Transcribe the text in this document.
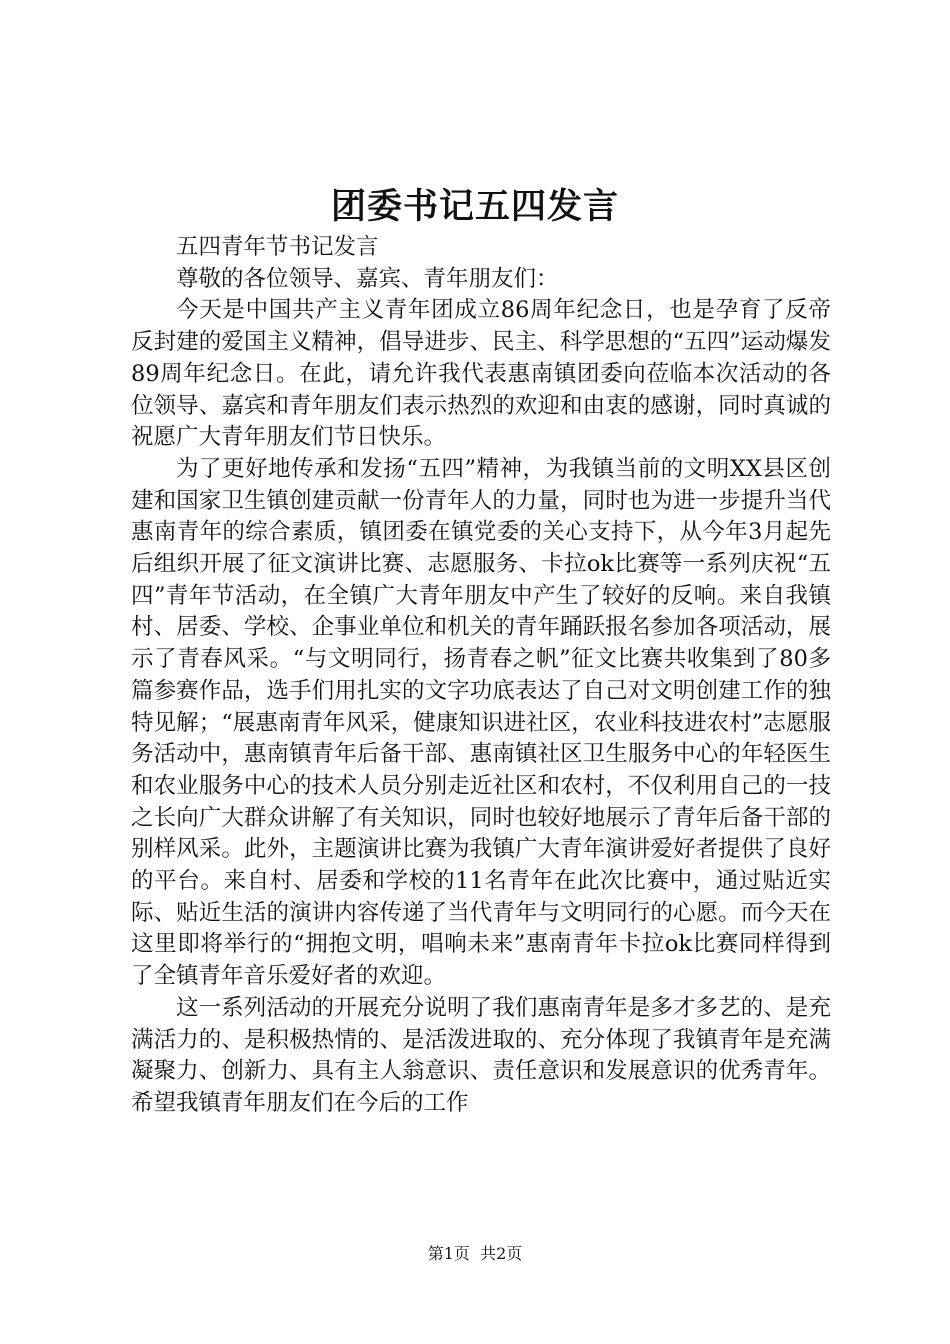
团委书记五四发言

五四青年节书记发言

尊敬的各位领导、嘉宾、青年朋友们：

今天是中国共产主义青年团成立86周年纪念日，也是孕育了反帝反封建的爱国主义精神，倡导进步、民主、科学思想的“五四”运动爆发89周年纪念日。在此，请允许我代表惠南镇团委向莅临本次活动的各位领导、嘉宾和青年朋友们表示热烈的欢迎和由衷的感谢，同时真诚的祝愿广大青年朋友们节日快乐。

为了更好地传承和发扬“五四”精神，为我镇当前的文明XX县区创建和国家卫生镇创建贡献一份青年人的力量，同时也为进一步提升当代惠南青年的综合素质，镇团委在镇党委的关心支持下，从今年3月起先后组织开展了征文演讲比赛、志愿服务、卡拉ok比赛等一系列庆祝“五四”青年节活动，在全镇广大青年朋友中产生了较好的反响。来自我镇村、居委、学校、企事业单位和机关的青年踊跃报名参加各项活动，展示了青春风采。“与文明同行，扬青春之帆”征文比赛共收集到了80多篇参赛作品，选手们用扎实的文字功底表达了自己对文明创建工作的独特见解；“展惠南青年风采，健康知识进社区，农业科技进农村”志愿服务活动中，惠南镇青年后备干部、惠南镇社区卫生服务中心的年轻医生和农业服务中心的技术人员分别走近社区和农村，不仅利用自己的一技之长向广大群众讲解了有关知识，同时也较好地展示了青年后备干部的别样风采。此外，主题演讲比赛为我镇广大青年演讲爱好者提供了良好的平台。来自村、居委和学校的11名青年在此次比赛中，通过贴近实际、贴近生活的演讲内容传递了当代青年与文明同行的心愿。而今天在这里即将举行的“拥抱文明，唱响未来”惠南青年卡拉ok比赛同样得到了全镇青年音乐爱好者的欢迎。

这一系列活动的开展充分说明了我们惠南青年是多才多艺的、是充满活力的、是积极热情的、是活泼进取的、充分体现了我镇青年是充满凝聚力、创新力、具有主人翁意识、责任意识和发展意识的优秀青年。希望我镇青年朋友们在今后的工作

第1页  共2页
